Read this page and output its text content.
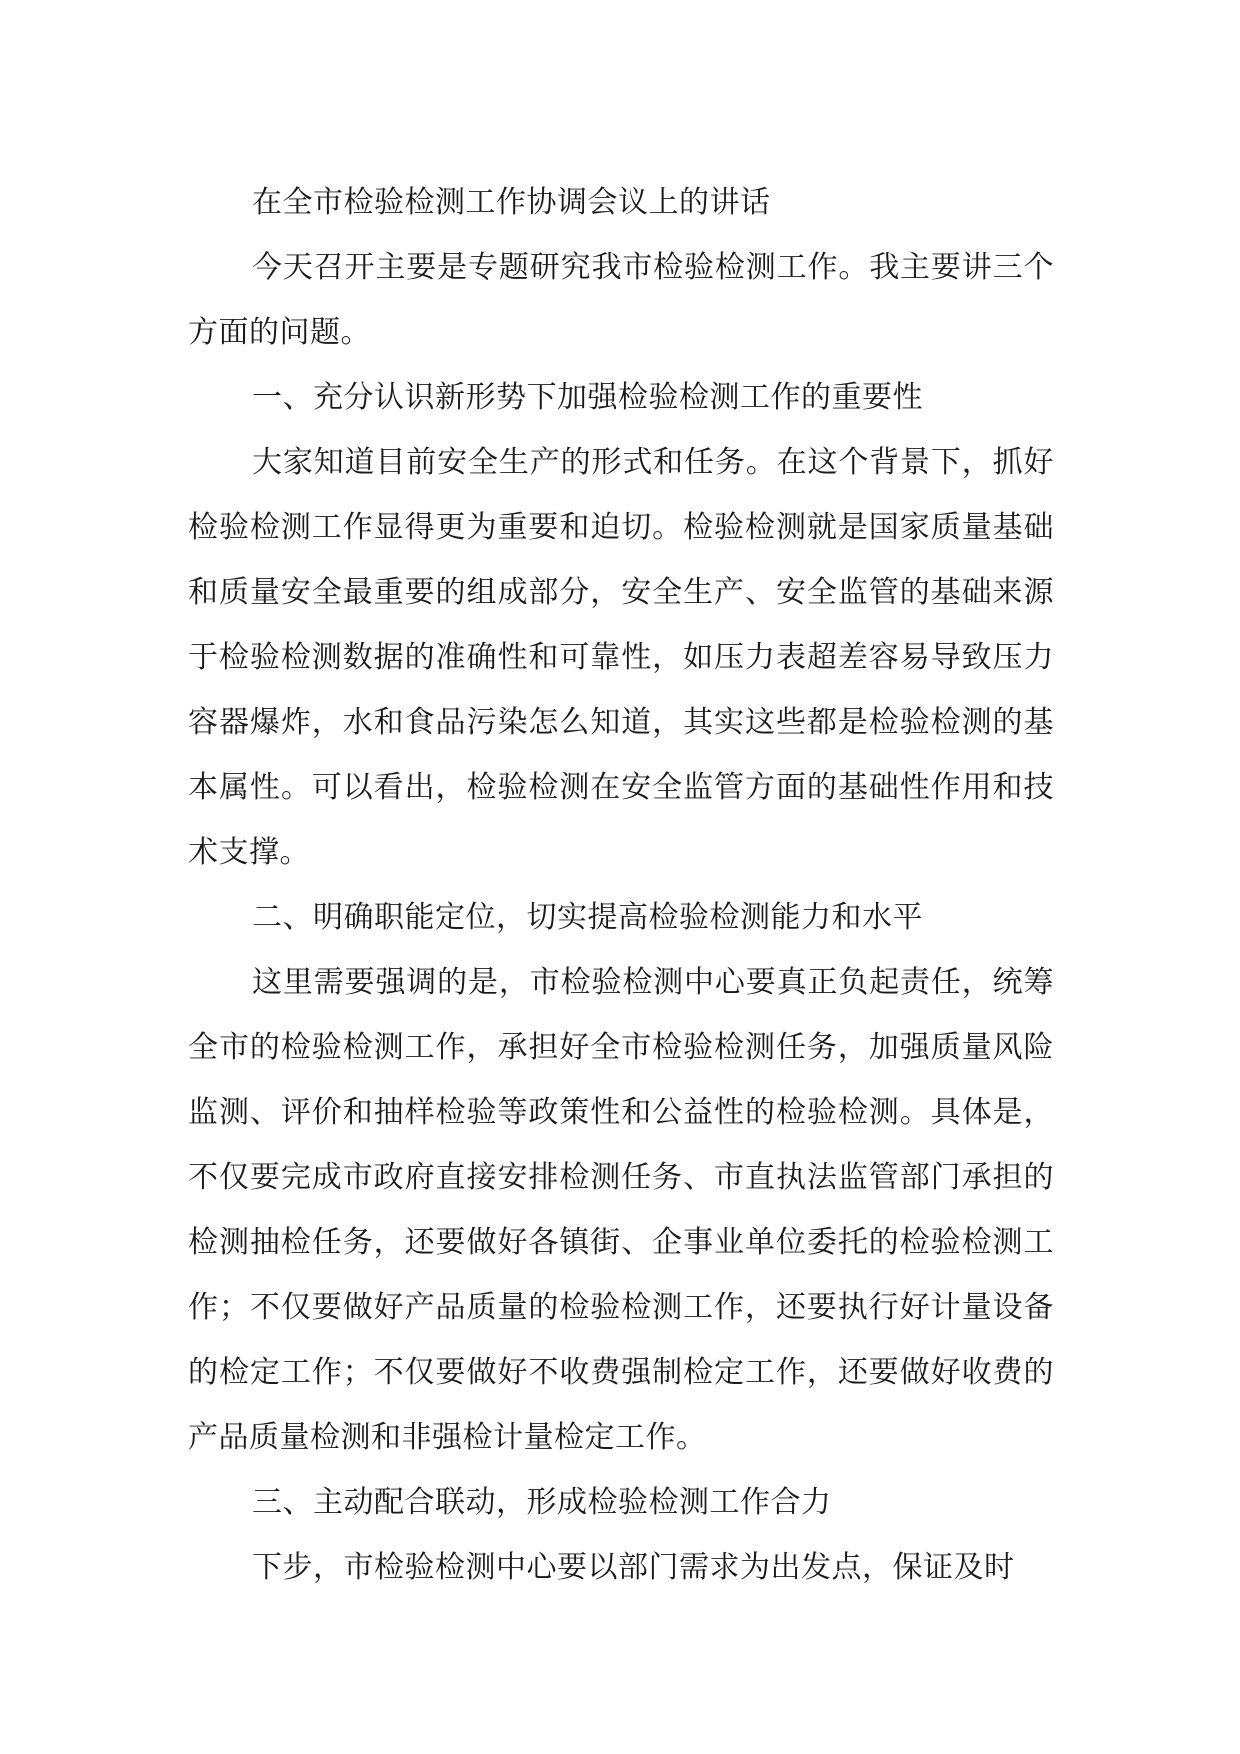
在全市检验检测工作协调会议上的讲话

今天召开主要是专题研究我市检验检测工作。我主要讲三个方面的问题。

一、充分认识新形势下加强检验检测工作的重要性

大家知道目前安全生产的形式和任务。在这个背景下，抓好检验检测工作显得更为重要和迫切。检验检测就是国家质量基础和质量安全最重要的组成部分，安全生产、安全监管的基础来源于检验检测数据的准确性和可靠性，如压力表超差容易导致压力容器爆炸，水和食品污染怎么知道，其实这些都是检验检测的基本属性。可以看出，检验检测在安全监管方面的基础性作用和技术支撑。

二、明确职能定位，切实提高检验检测能力和水平

这里需要强调的是，市检验检测中心要真正负起责任，统筹全市的检验检测工作，承担好全市检验检测任务，加强质量风险监测、评价和抽样检验等政策性和公益性的检验检测。具体是，不仅要完成市政府直接安排检测任务、市直执法监管部门承担的检测抽检任务，还要做好各镇街、企事业单位委托的检验检测工作；不仅要做好产品质量的检验检测工作，还要执行好计量设备的检定工作；不仅要做好不收费强制检定工作，还要做好收费的产品质量检测和非强检计量检定工作。

三、主动配合联动，形成检验检测工作合力

下步，市检验检测中心要以部门需求为出发点，保证及时
